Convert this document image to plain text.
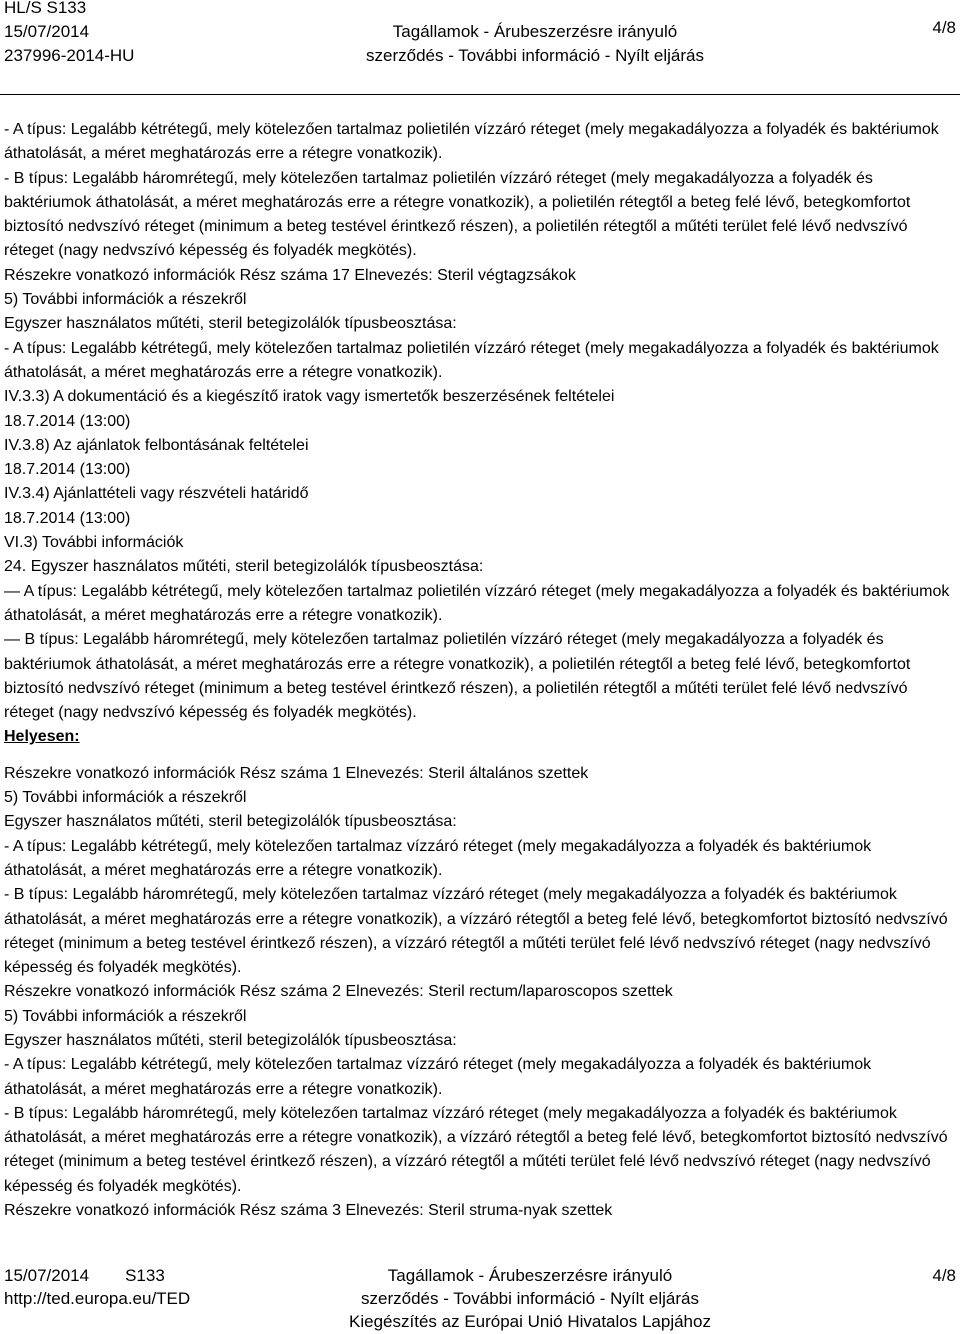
HL/S S133
15/07/2014
237996-2014-HU
Tagállamok - Árubeszerzésre irányuló
szerződés - További információ - Nyílt eljárás
4/8

- A típus: Legalább kétrétegű, mely kötelezően tartalmaz polietilén vízzáró réteget (mely megakadályozza a folyadék és baktériumok áthatolását, a méret meghatározás erre a rétegre vonatkozik).

- B típus: Legalább háromrétegű, mely kötelezően tartalmaz polietilén vízzáró réteget (mely megakadályozza a folyadék és baktériumok áthatolását, a méret meghatározás erre a rétegre vonatkozik), a polietilén rétegtől a beteg felé lévő, betegkomfortot biztosító nedvszívó réteget (minimum a beteg testével érintkező részen), a polietilén rétegtől a műtéti terület felé lévő nedvszívó réteget (nagy nedvszívó képesség és folyadék megkötés).

Részekre vonatkozó információk Rész száma 17 Elnevezés: Steril végtagzsákok

5) További információk a részekről

Egyszer használatos műtéti, steril betegizolálók típusbeosztása:

- A típus: Legalább kétrétegű, mely kötelezően tartalmaz polietilén vízzáró réteget (mely megakadályozza a folyadék és baktériumok áthatolását, a méret meghatározás erre a rétegre vonatkozik).

IV.3.3) A dokumentáció és a kiegészítő iratok vagy ismertetők beszerzésének feltételei

18.7.2014 (13:00)

IV.3.8) Az ajánlatok felbontásának feltételei

18.7.2014 (13:00)

IV.3.4) Ajánlattételi vagy részvételi határidő

18.7.2014 (13:00)

VI.3) További információk

24. Egyszer használatos műtéti, steril betegizolálók típusbeosztása:

— A típus: Legalább kétrétegű, mely kötelezően tartalmaz polietilén vízzáró réteget (mely megakadályozza a folyadék és baktériumok áthatolását, a méret meghatározás erre a rétegre vonatkozik).

— B típus: Legalább háromrétegű, mely kötelezően tartalmaz polietilén vízzáró réteget (mely megakadályozza a folyadék és baktériumok áthatolását, a méret meghatározás erre a rétegre vonatkozik), a polietilén rétegtől a beteg felé lévő, betegkomfortot biztosító nedvszívó réteget (minimum a beteg testével érintkező részen), a polietilén rétegtől a műtéti terület felé lévő nedvszívó réteget (nagy nedvszívó képesség és folyadék megkötés).

Helyesen:

Részekre vonatkozó információk Rész száma 1 Elnevezés: Steril általános szettek

5) További információk a részekről

Egyszer használatos műtéti, steril betegizolálók típusbeosztása:

- A típus: Legalább kétrétegű, mely kötelezően tartalmaz vízzáró réteget (mely megakadályozza a folyadék és baktériumok áthatolását, a méret meghatározás erre a rétegre vonatkozik).

- B típus: Legalább háromrétegű, mely kötelezően tartalmaz vízzáró réteget (mely megakadályozza a folyadék és baktériumok áthatolását, a méret meghatározás erre a rétegre vonatkozik), a vízzáró rétegtől a beteg felé lévő, betegkomfortot biztosító nedvszívó réteget (minimum a beteg testével érintkező részen), a vízzáró rétegtől a műtéti terület felé lévő nedvszívó réteget (nagy nedvszívó képesség és folyadék megkötés).

Részekre vonatkozó információk Rész száma 2 Elnevezés: Steril rectum/laparoscopos szettek

5) További információk a részekről

Egyszer használatos műtéti, steril betegizolálók típusbeosztása:

- A típus: Legalább kétrétegű, mely kötelezően tartalmaz vízzáró réteget (mely megakadályozza a folyadék és baktériumok áthatolását, a méret meghatározás erre a rétegre vonatkozik).

- B típus: Legalább háromrétegű, mely kötelezően tartalmaz vízzáró réteget (mely megakadályozza a folyadék és baktériumok áthatolását, a méret meghatározás erre a rétegre vonatkozik), a vízzáró rétegtől a beteg felé lévő, betegkomfortot biztosító nedvszívó réteget (minimum a beteg testével érintkező részen), a vízzáró rétegtől a műtéti terület felé lévő nedvszívó réteget (nagy nedvszívó képesség és folyadék megkötés).

Részekre vonatkozó információk Rész száma 3 Elnevezés: Steril struma-nyak szettek

15/07/2014 S133
http://ted.europa.eu/TED
Tagállamok - Árubeszerzésre irányuló
szerződés - További információ - Nyílt eljárás
Kiegészítés az Európai Unió Hivatalos Lapjához
4/8
